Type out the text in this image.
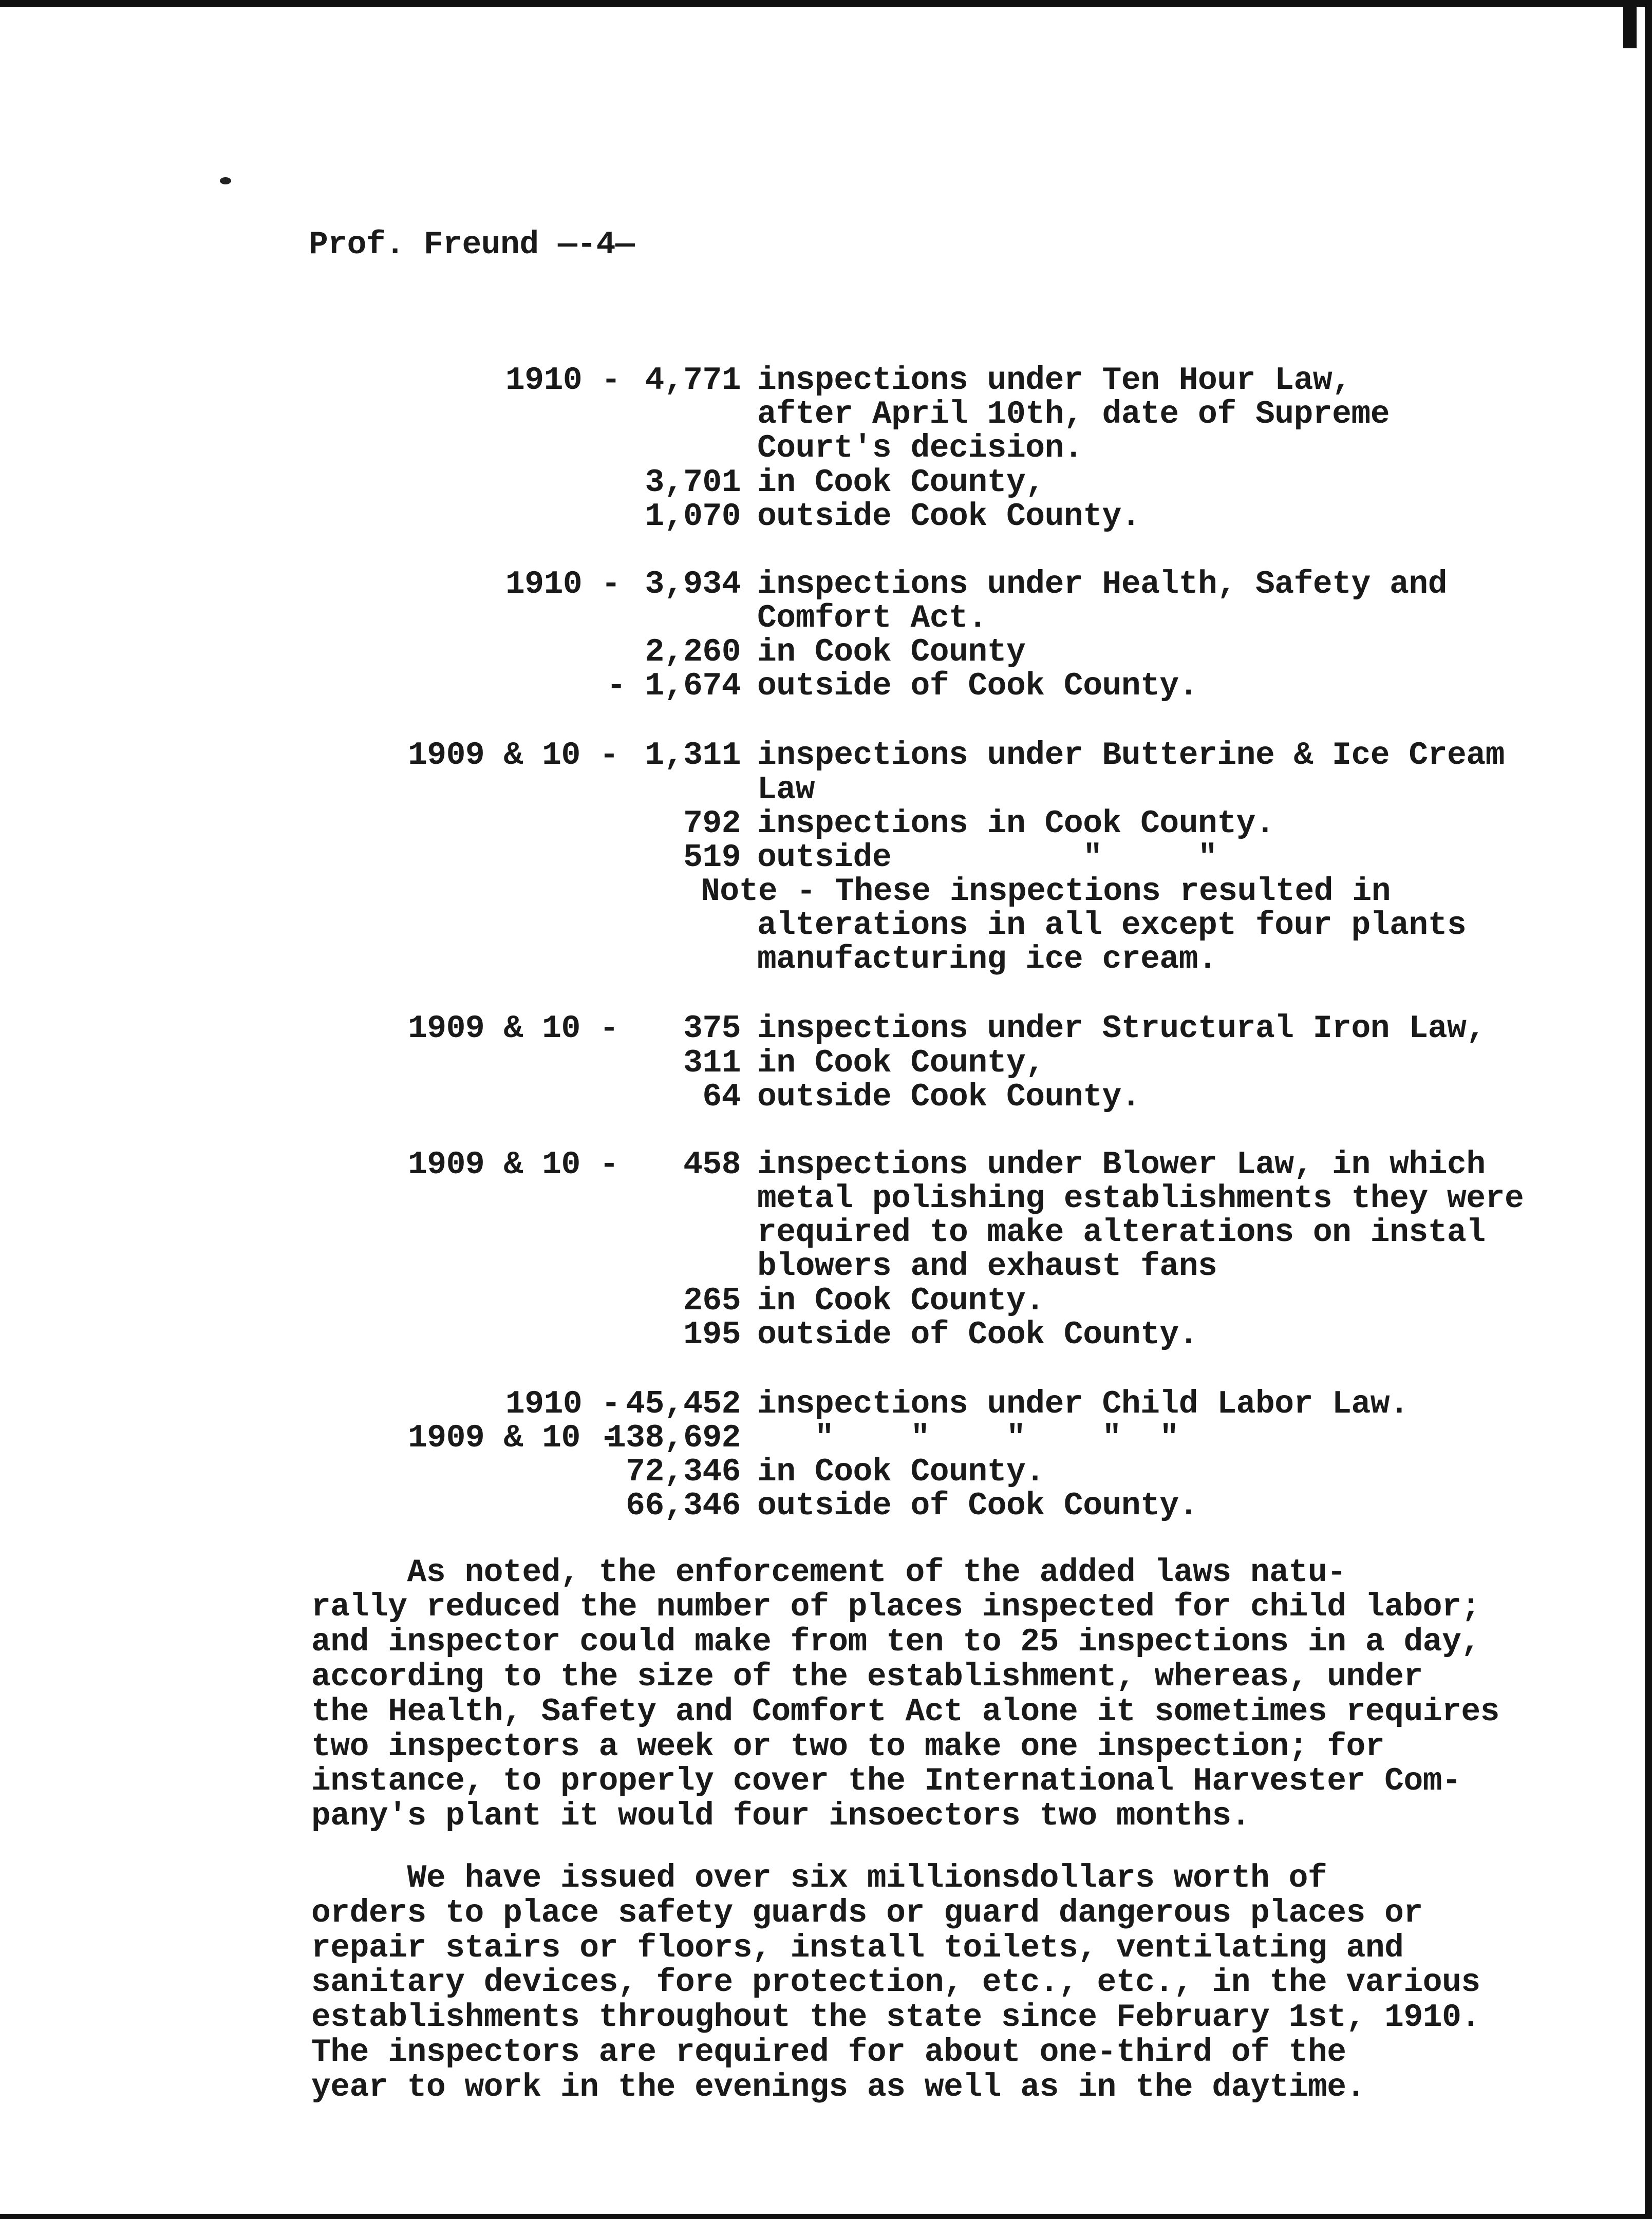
Prof. Freund —-4—
1910 - 4,771 inspections under Ten Hour Law,
after April 10th, date of Supreme
Court's decision.
3,701 in Cook County,
1,070 outside Cook County.
1910 - 3,934 inspections under Health, Safety and
Comfort Act.
2,260 in Cook County
- 1,674 outside of Cook County.
1909 & 10 - 1,311 inspections under Butterine & Ice Cream
Law
792 inspections in Cook County.
519 outside          "     "
Note - These inspections resulted in
alterations in all except four plants
manufacturing ice cream.
1909 & 10 - 375 inspections under Structural Iron Law,
311 in Cook County,
64 outside Cook County.
1909 & 10 - 458 inspections under Blower Law, in which
metal polishing establishments they were
required to make alterations on instal
blowers and exhaust fans
265 in Cook County.
195 outside of Cook County.
1910 - 45,452 inspections under Child Labor Law.
1909 & 10 -
138,692 "    "    "    "  "
72,346 in Cook County.
66,346 outside of Cook County.
As noted, the enforcement of the added laws natu-
rally reduced the number of places inspected for child labor;
and inspector could make from ten to 25 inspections in a day,
according to the size of the establishment, whereas, under
the Health, Safety and Comfort Act alone it sometimes requires
two inspectors a week or two to make one inspection; for
instance, to properly cover the International Harvester Com-
pany's plant it would four insoectors two months.
We have issued over six millionsdollars worth of
orders to place safety guards or guard dangerous places or
repair stairs or floors, install toilets, ventilating and
sanitary devices, fore protection, etc., etc., in the various
establishments throughout the state since February 1st, 1910.
The inspectors are required for about one-third of the
year to work in the evenings as well as in the daytime.
